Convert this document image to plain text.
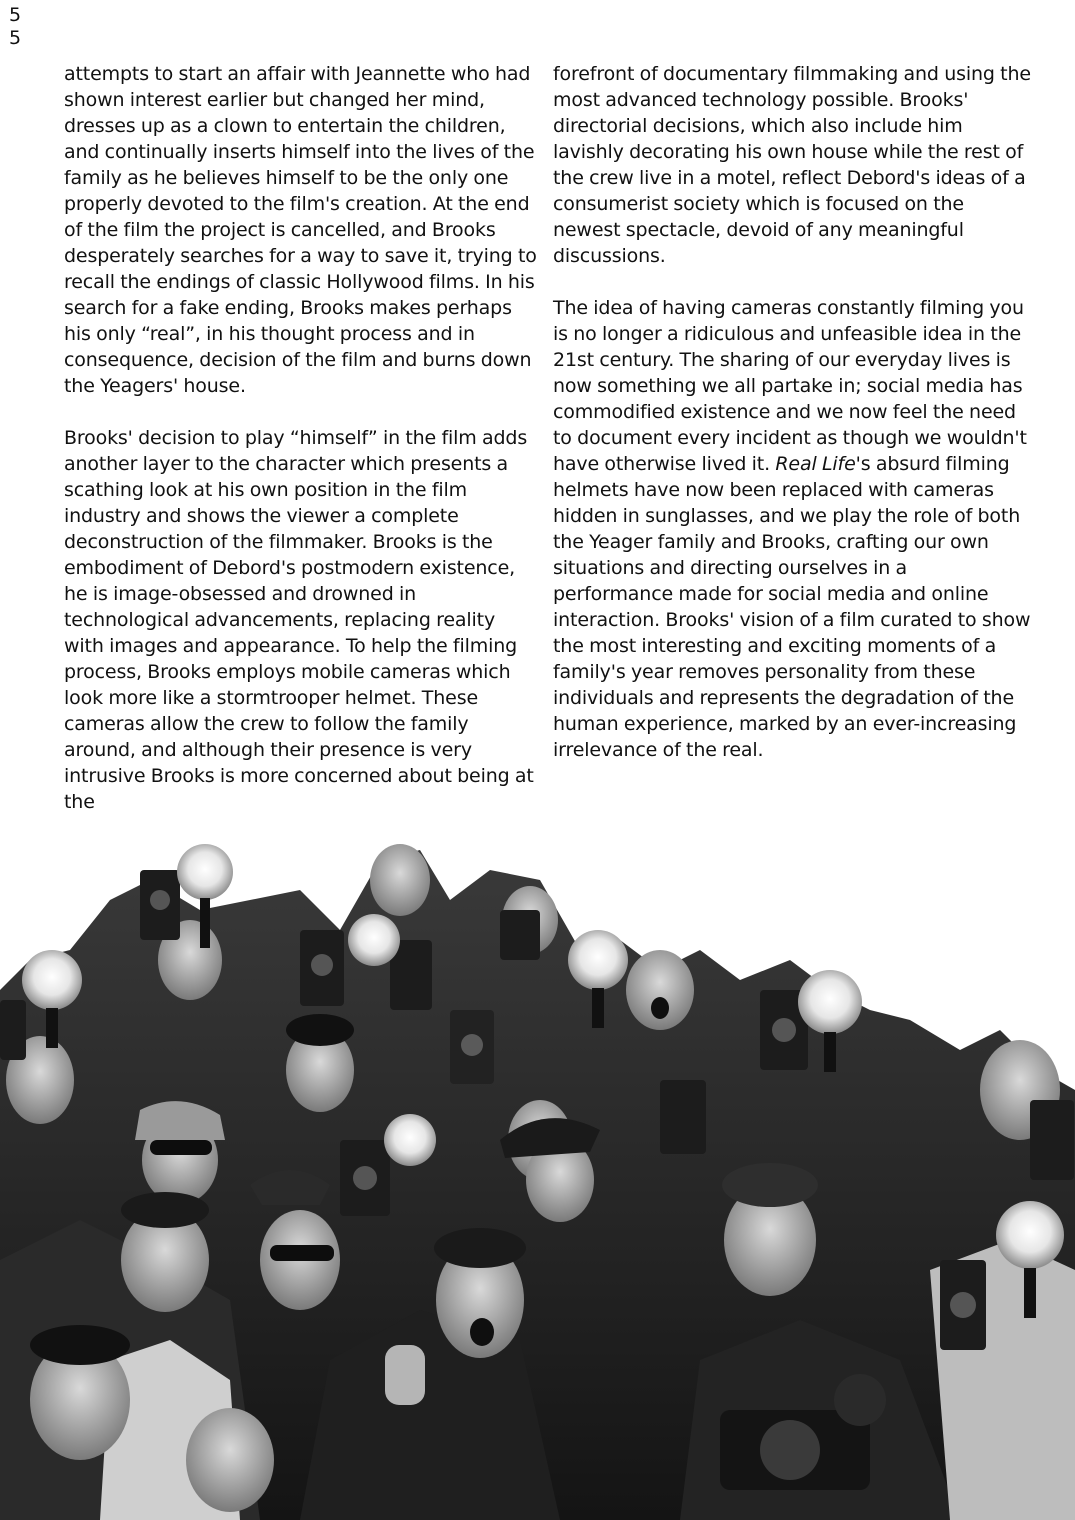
5
5

attempts to start an affair with Jeannette who had shown interest earlier but changed her mind, dresses up as a clown to entertain the children, and continually inserts himself into the lives of the family as he believes himself to be the only one properly devoted to the film's creation. At the end of the film the project is cancelled, and Brooks desperately searches for a way to save it, trying to recall the endings of classic Hollywood films. In his search for a fake ending, Brooks makes perhaps his only “real”, in his thought process and in consequence, decision of the film and burns down the Yeagers' house.

Brooks' decision to play “himself” in the film adds another layer to the character which presents a scathing look at his own position in the film industry and shows the viewer a complete deconstruction of the filmmaker. Brooks is the embodiment of Debord's postmodern existence, he is image-obsessed and drowned in technological advancements, replacing reality with images and appearance. To help the filming process, Brooks employs mobile cameras which look more like a stormtrooper helmet. These cameras allow the crew to follow the family around, and although their presence is very intrusive Brooks is more concerned about being at the

forefront of documentary filmmaking and using the most advanced technology possible. Brooks' directorial decisions, which also include him lavishly decorating his own house while the rest of the crew live in a motel, reflect Debord's ideas of a consumerist society which is focused on the newest spectacle, devoid of any meaningful discussions.

The idea of having cameras constantly filming you is no longer a ridiculous and unfeasible idea in the 21st century. The sharing of our everyday lives is now something we all partake in; social media has commodified existence and we now feel the need to document every incident as though we wouldn't have otherwise lived it. Real Life's absurd filming helmets have now been replaced with cameras hidden in sunglasses, and we play the role of both the Yeager family and Brooks, crafting our own situations and directing ourselves in a performance made for social media and online interaction. Brooks' vision of a film curated to show the most interesting and exciting moments of a family's year removes personality from these individuals and represents the degradation of the human experience, marked by an ever-increasing irrelevance of the real.
